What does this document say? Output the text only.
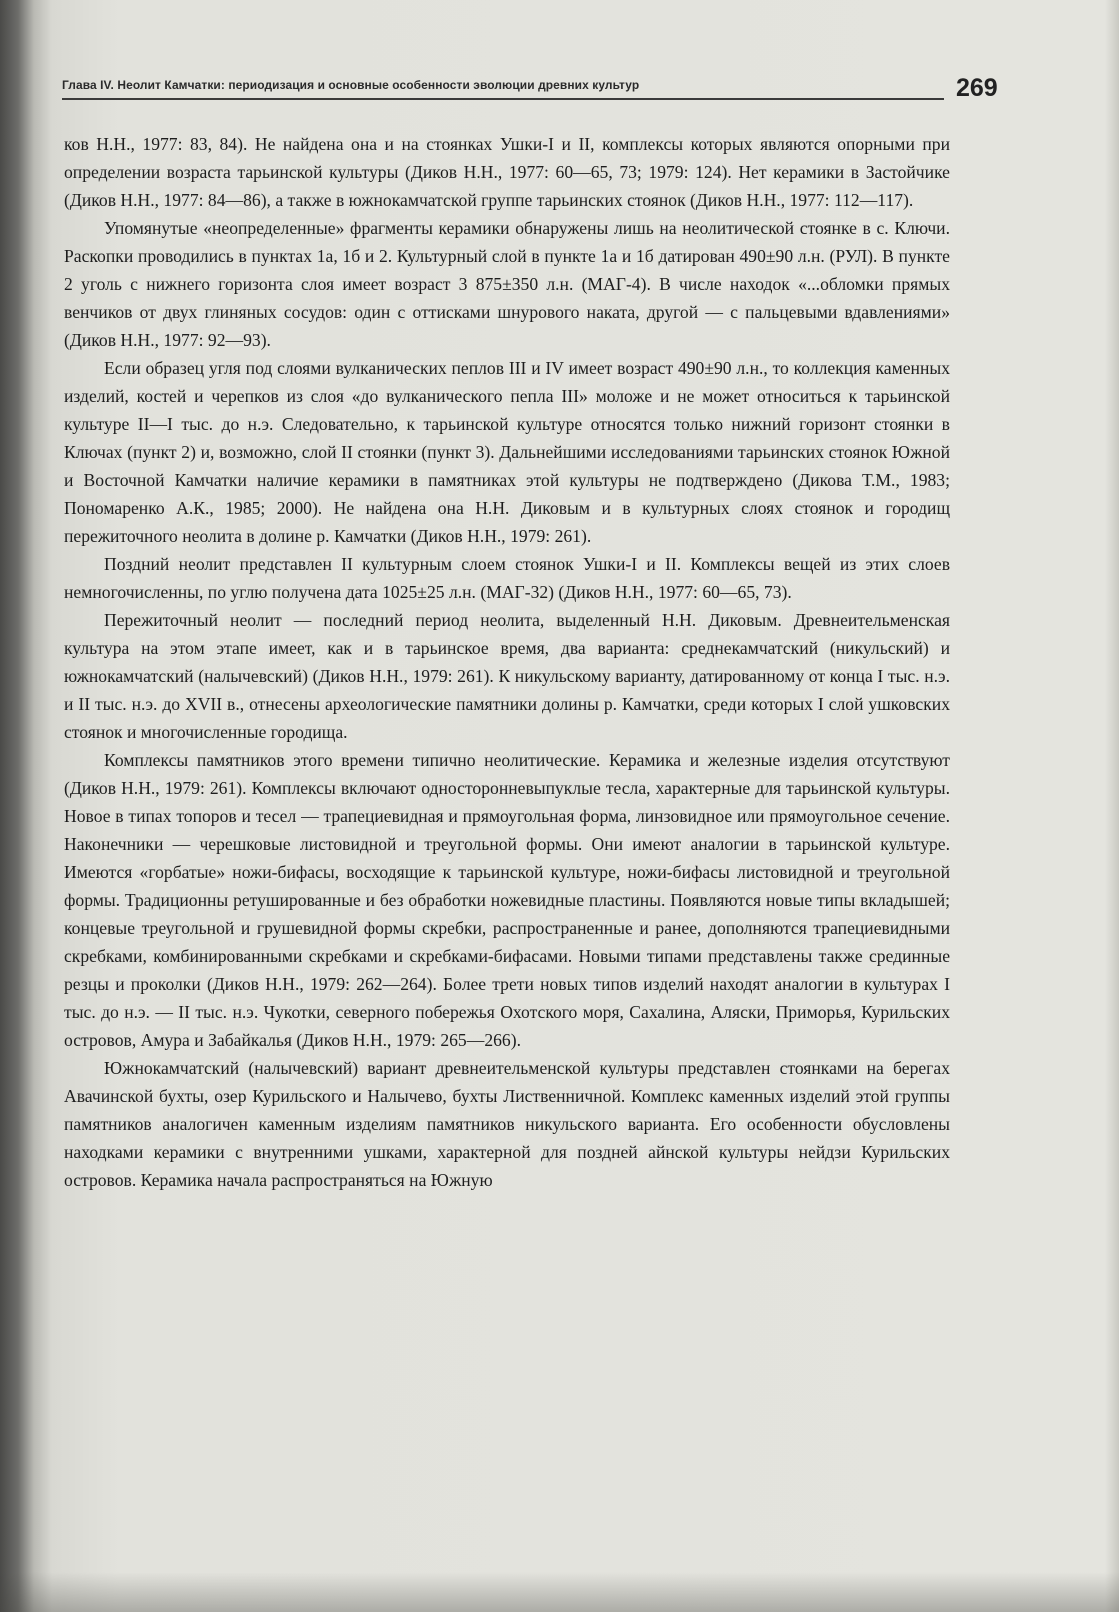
Глава IV. Неолит Камчатки: периодизация и основные особенности эволюции древних культур	269

ков Н.Н., 1977: 83, 84). Не найдена она и на стоянках Ушки-I и II, комплексы которых являются опорными при определении возраста тарьинской культуры (Диков Н.Н., 1977: 60—65, 73; 1979: 124). Нет керамики в Застойчике (Диков Н.Н., 1977: 84—86), а также в южнокамчатской группе тарьинских стоянок (Диков Н.Н., 1977: 112—117).

Упомянутые «неопределенные» фрагменты керамики обнаружены лишь на неолитической стоянке в с. Ключи. Раскопки проводились в пунктах 1а, 1б и 2. Культурный слой в пункте 1а и 1б датирован 490±90 л.н. (РУЛ). В пункте 2 уголь с нижнего горизонта слоя имеет возраст 3 875±350 л.н. (МАГ-4). В числе находок «...обломки прямых венчиков от двух глиняных сосудов: один с оттисками шнурового наката, другой — с пальцевыми вдавлениями» (Диков Н.Н., 1977: 92—93).

Если образец угля под слоями вулканических пеплов III и IV имеет возраст 490±90 л.н., то коллекция каменных изделий, костей и черепков из слоя «до вулканического пепла III» моложе и не может относиться к тарьинской культуре II—I тыс. до н.э. Следовательно, к тарьинской культуре относятся только нижний горизонт стоянки в Ключах (пункт 2) и, возможно, слой II стоянки (пункт 3). Дальнейшими исследованиями тарьинских стоянок Южной и Восточной Камчатки наличие керамики в памятниках этой культуры не подтверждено (Дикова Т.М., 1983; Пономаренко А.К., 1985; 2000). Не найдена она Н.Н. Диковым и в культурных слоях стоянок и городищ пережиточного неолита в долине р. Камчатки (Диков Н.Н., 1979: 261).

Поздний неолит представлен II культурным слоем стоянок Ушки-I и II. Комплексы вещей из этих слоев немногочисленны, по углю получена дата 1025±25 л.н. (МАГ-32) (Диков Н.Н., 1977: 60—65, 73).

Пережиточный неолит — последний период неолита, выделенный Н.Н. Диковым. Древнеительменская культура на этом этапе имеет, как и в тарьинское время, два варианта: среднекамчатский (никульский) и южнокамчатский (налычевский) (Диков Н.Н., 1979: 261). К никульскому варианту, датированному от конца I тыс. н.э. и II тыс. н.э. до XVII в., отнесены археологические памятники долины р. Камчатки, среди которых I слой ушковских стоянок и многочисленные городища.

Комплексы памятников этого времени типично неолитические. Керамика и железные изделия отсутствуют (Диков Н.Н., 1979: 261). Комплексы включают односторонневыпуклые тесла, характерные для тарьинской культуры. Новое в типах топоров и тесел — трапециевидная и прямоугольная форма, линзовидное или прямоугольное сечение. Наконечники — черешковые листовидной и треугольной формы. Они имеют аналогии в тарьинской культуре. Имеются «горбатые» ножи-бифасы, восходящие к тарьинской культуре, ножи-бифасы листовидной и треугольной формы. Традиционны ретушированные и без обработки ножевидные пластины. Появляются новые типы вкладышей; концевые треугольной и грушевидной формы скребки, распространенные и ранее, дополняются трапециевидными скребками, комбинированными скребками и скребками-бифасами. Новыми типами представлены также срединные резцы и проколки (Диков Н.Н., 1979: 262—264). Более трети новых типов изделий находят аналогии в культурах I тыс. до н.э. — II тыс. н.э. Чукотки, северного побережья Охотского моря, Сахалина, Аляски, Приморья, Курильских островов, Амура и Забайкалья (Диков Н.Н., 1979: 265—266).

Южнокамчатский (налычевский) вариант древнеительменской культуры представлен стоянками на берегах Авачинской бухты, озер Курильского и Налычево, бухты Лиственничной. Комплекс каменных изделий этой группы памятников аналогичен каменным изделиям памятников никульского варианта. Его особенности обусловлены находками керамики с внутренними ушками, характерной для поздней айнской культуры нейдзи Курильских островов. Керамика начала распространяться на Южную
